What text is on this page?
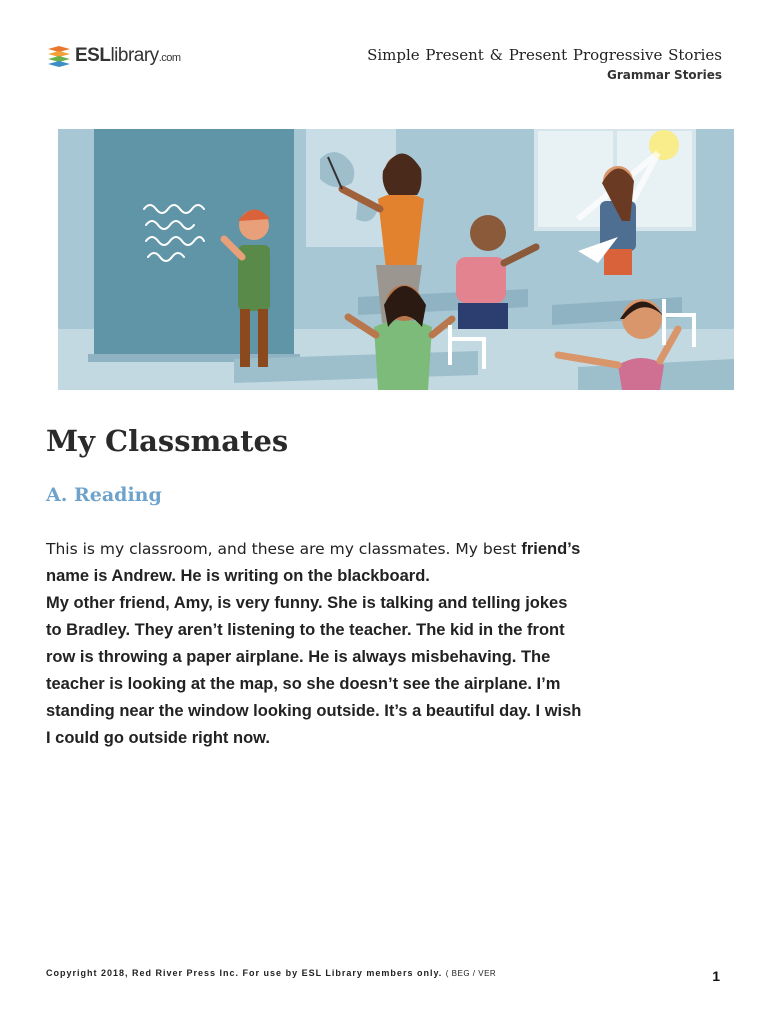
ESLlibrary.com	Simple Present & Present Progressive Stories
Grammar Stories
My Classmates
A. Reading

This is my classroom, and these are my classmates. My best friend’s name is Andrew. He is writing on the blackboard.

My other friend, Amy, is very funny. She is talking and telling jokes to Bradley. They aren’t listening to the teacher. The kid in the front row is throwing a paper airplane. He is always misbehaving. The teacher is looking at the map, so she doesn’t see the airplane. I’m standing near the window looking outside. It’s a beautiful day. I wish I could go outside right now.

Copyright 2018, Red River Press Inc. For use by ESL Library members only. ( BEG / VER	1
